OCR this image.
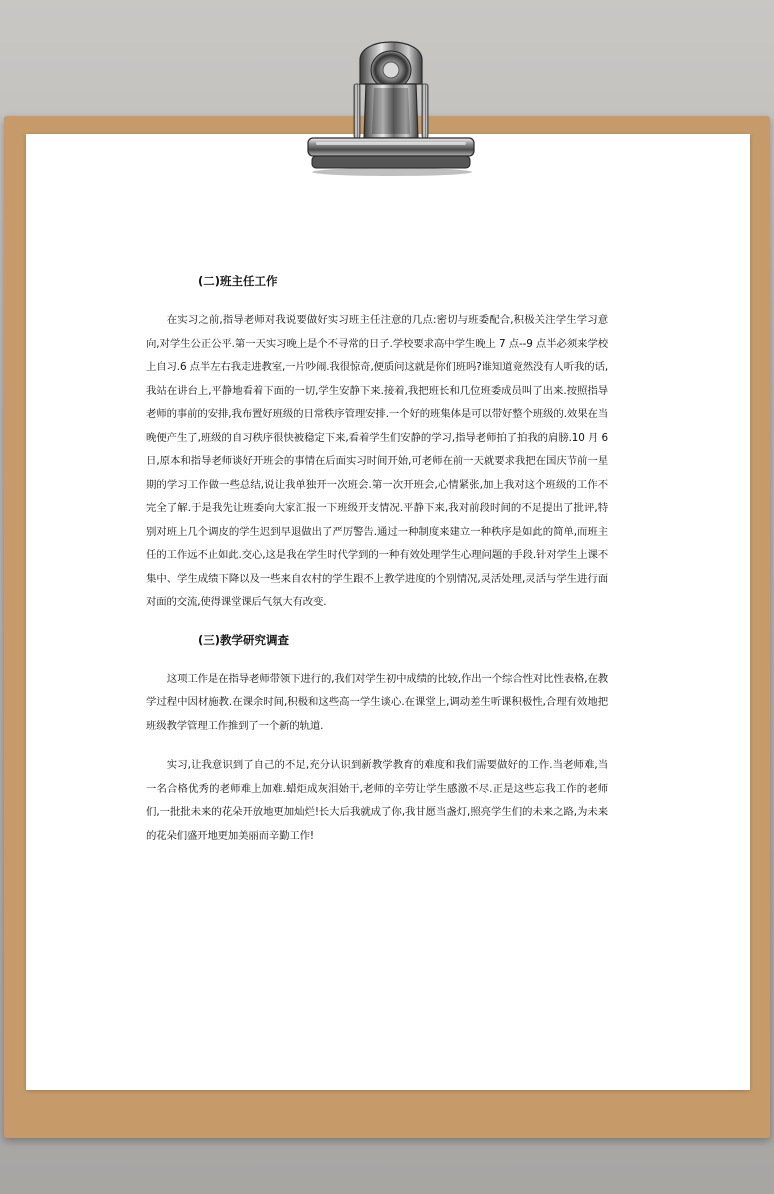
(二)班主任工作

在实习之前,指导老师对我说要做好实习班主任注意的几点:密切与班委配合,积极关注学生学习意向,对学生公正公平.第一天实习晚上是个不寻常的日子.学校要求高中学生晚上 7 点--9 点半必须来学校上自习.6 点半左右我走进教室,一片吵闹.我很惊奇,便质问这就是你们班吗?谁知道竟然没有人听我的话,我站在讲台上,平静地看着下面的一切,学生安静下来.接着,我把班长和几位班委成员叫了出来.按照指导老师的事前的安排,我布置好班级的日常秩序管理安排.一个好的班集体是可以带好整个班级的.效果在当晚便产生了,班级的自习秩序很快被稳定下来,看着学生们安静的学习,指导老师拍了拍我的肩膀.10 月 6 日,原本和指导老师谈好开班会的事情在后面实习时间开始,可老师在前一天就要求我把在国庆节前一星期的学习工作做一些总结,说让我单独开一次班会.第一次开班会,心情紧张,加上我对这个班级的工作不完全了解.于是我先让班委向大家汇报一下班级开支情况.平静下来,我对前段时间的不足提出了批评,特别对班上几个调皮的学生迟到早退做出了严厉警告.通过一种制度来建立一种秩序是如此的简单,而班主任的工作远不止如此.交心,这是我在学生时代学到的一种有效处理学生心理问题的手段.针对学生上课不集中、学生成绩下降以及一些来自农村的学生跟不上教学进度的个别情况,灵活处理,灵活与学生进行面对面的交流,使得课堂课后气氛大有改变.

(三)教学研究调查

这项工作是在指导老师带领下进行的,我们对学生初中成绩的比较,作出一个综合性对比性表格,在教学过程中因材施教.在课余时间,积极和这些高一学生谈心.在课堂上,调动差生听课积极性,合理有效地把班级教学管理工作推到了一个新的轨道.

实习,让我意识到了自己的不足,充分认识到新教学教育的难度和我们需要做好的工作.当老师难,当一名合格优秀的老师难上加难.蜡炬成灰泪始干,老师的辛劳让学生感激不尽.正是这些忘我工作的老师们,一批批未来的花朵开放地更加灿烂!长大后我就成了你,我甘愿当盏灯,照亮学生们的未来之路,为未来的花朵们盛开地更加美丽而辛勤工作!
